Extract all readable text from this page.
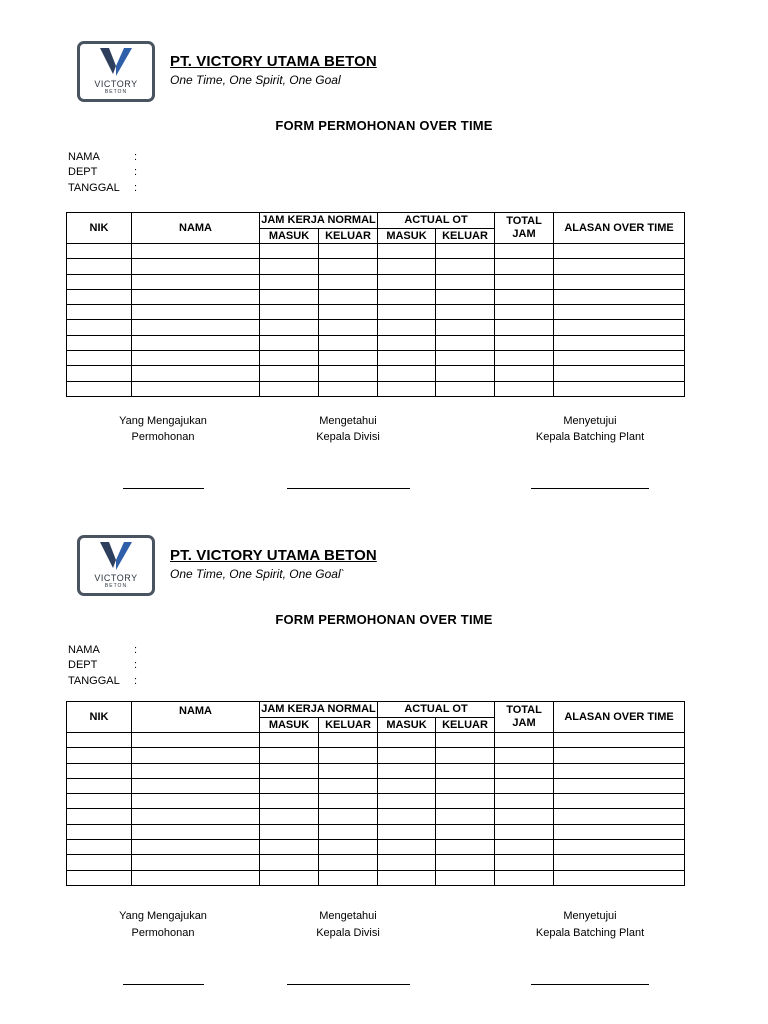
VICTORY
BETON
PT. VICTORY UTAMA BETON
One Time, One Spirit, One Goal
FORM PERMOHONAN OVER TIME
NAMA	:
DEPT	:
TANGGAL :
NIK	NAMA	JAM KERJA NORMAL		ACTUAL OT		TOTAL JAM	ALASAN OVER TIME
		MASUK	KELUAR	MASUK	KELUAR		

Yang Mengajukan
Permohonan
Mengetahui
Kepala Divisi
Menyetujui
Kepala Batching Plant
VICTORY
BETON
PT. VICTORY UTAMA BETON
One Time, One Spirit, One Goal`
FORM PERMOHONAN OVER TIME
NAMA	:
DEPT	:
TANGGAL :
NIK	NAMA	JAM KERJA NORMAL		ACTUAL OT		TOTAL JAM	ALASAN OVER TIME
		MASUK	KELUAR	MASUK	KELUAR		

Yang Mengajukan
Permohonan
Mengetahui
Kepala Divisi
Menyetujui
Kepala Batching Plant
